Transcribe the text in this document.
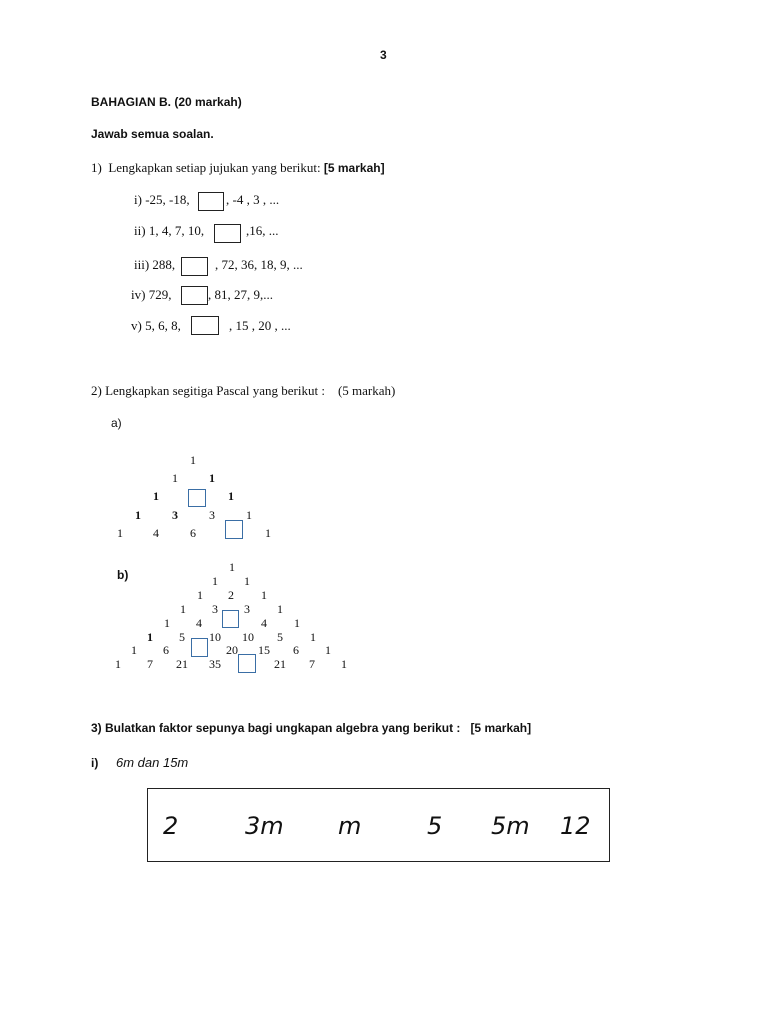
3
BAHAGIAN B. (20 markah)
Jawab semua soalan.
1) Lengkapkan setiap jujukan yang berikut: [5 markah]
i) -25, -18,	, -4 , 3 , ...
ii) 1, 4, 7, 10,	,16, ...
iii) 288,	, 72, 36, 18, 9, ...
iv) 729,	, 81, 27, 9,...
v) 5, 6, 8,	, 15 , 20 , ...
2) Lengkapkan segitiga Pascal yang berikut : (5 markah)
a)
1
1	1
1	1
1	3	3	1
1	4	6	1
b)
1
1 1
1 2 1
1 3 3 1
1 4	4 1
1 5 10 10 5 1
1 6	20 15 6 1
1 7 21 35	21 7 1
3) Bulatkan faktor sepunya bagi ungkapan algebra yang berikut : [5 markah]
i) 6m dan 15m
2	3m m	5 5m 12
